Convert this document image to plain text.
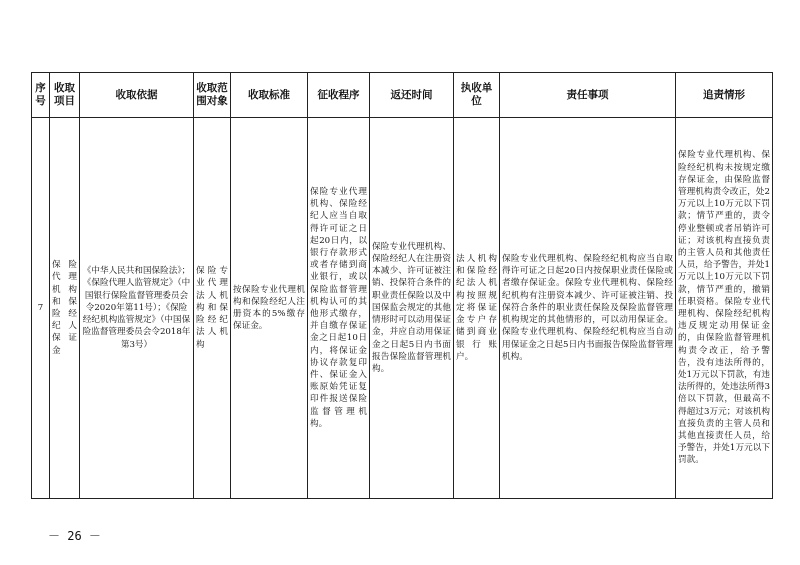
序号	收取项目	收取依据	收取范围对象	收取标准	征收程序	返还时间	执收单位	责任事项	追责情形
7	保险代理机构和保险经纪人保证金	《中华人民共和国保险法》；《保险代理人监管规定》（中国银行保险监督管理委员会令2020年第11号）；《保险经纪机构监管规定》（中国保险监督管理委员会令2018年第3号）	保险专业代理法人机构和保险经纪法人机构	按保险专业代理机构和保险经纪人注册资本的5%缴存保证金。	保险专业代理机构、保险经纪人应当自取得许可证之日起20日内，以银行存款形式或者存储到商业银行，或以保险监督管理机构认可的其他形式缴存，并自缴存保证金之日起10日内，将保证金协议存款复印件、保证金入账原始凭证复印件报送保险监督管理机构。	保险专业代理机构、保险经纪人在注册资本减少、许可证被注销、投保符合条件的职业责任保险以及中国保监会规定的其他情形时可以动用保证金，并应自动用保证金之日起5日内书面报告保险监督管理机构。	法人机构和保险经纪法人机构按照规定将保证金专户存储到商业银行账户。	保险专业代理机构、保险经纪机构应当自取得许可证之日起20日内按保职业责任保险或者缴存保证金。保险专业代理机构、保险经纪机构有注册资本减少、许可证被注销、投保符合条件的职业责任保险及保险监督管理机构规定的其他情形的，可以动用保证金。保险专业代理机构、保险经纪机构应当自动用保证金之日起5日内书面报告保险监督管理机构。	保险专业代理机构、保险经纪机构未按规定缴存保证金，由保险监督管理机构责令改正，处2万元以上10万元以下罚款；情节严重的，责令停业整顿或者吊销许可证；对该机构直接负责的主管人员和其他责任人员，给予警告，并处1万元以上10万元以下罚款，情节严重的，撤销任职资格。保险专业代理机构、保险经纪机构违反规定动用保证金的，由保险监督管理机构责令改正，给予警告，没有违法所得的，处1万元以下罚款，有违法所得的，处违法所得3倍以下罚款，但最高不得超过3万元；对该机构直接负责的主管人员和其他直接责任人员，给予警告，并处1万元以下罚款。
－ 26 －
